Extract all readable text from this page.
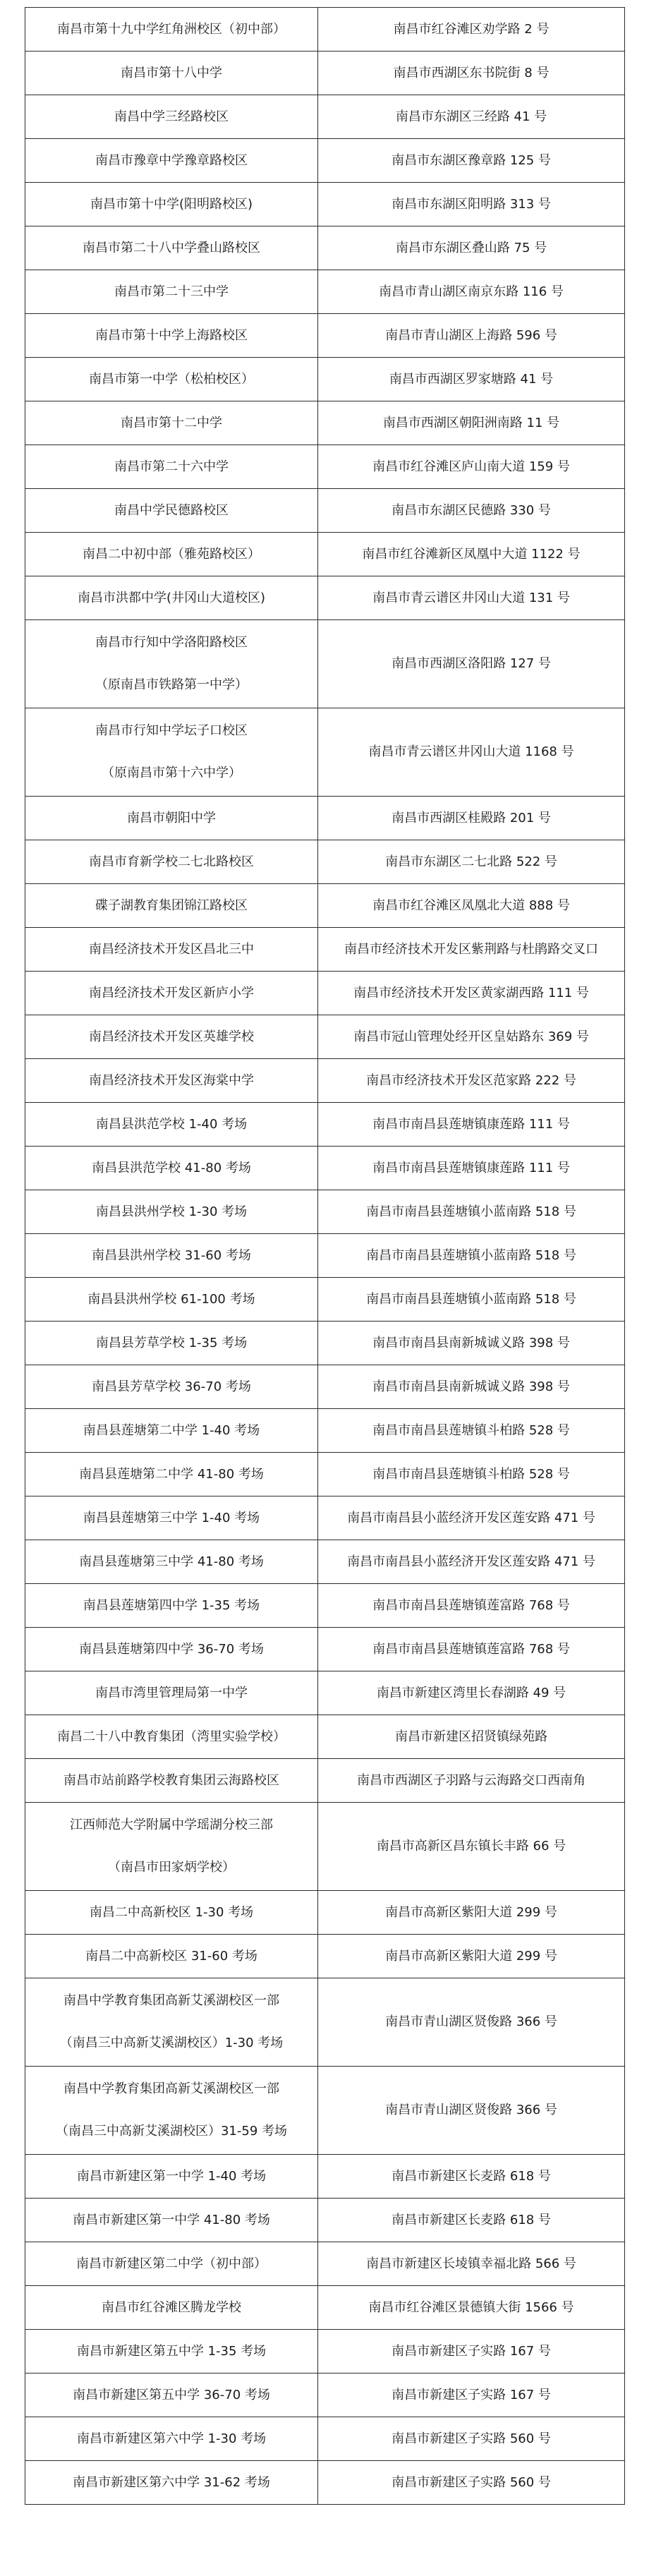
南昌市第十九中学红角洲校区（初中部）	南昌市红谷滩区劝学路 2 号

南昌市第十八中学	南昌市西湖区东书院街 8 号

南昌中学三经路校区	南昌市东湖区三经路 41 号

南昌市豫章中学豫章路校区	南昌市东湖区豫章路 125 号

南昌市第十中学(阳明路校区)	南昌市东湖区阳明路 313 号

南昌市第二十八中学叠山路校区	南昌市东湖区叠山路 75 号

南昌市第二十三中学	南昌市青山湖区南京东路 116 号

南昌市第十中学上海路校区	南昌市青山湖区上海路 596 号

南昌市第一中学（松柏校区）	南昌市西湖区罗家塘路 41 号

南昌市第十二中学	南昌市西湖区朝阳洲南路 11 号

南昌市第二十六中学	南昌市红谷滩区庐山南大道 159 号

南昌中学民德路校区	南昌市东湖区民德路 330 号

南昌二中初中部（雅苑路校区）	南昌市红谷滩新区凤凰中大道 1122 号

南昌市洪都中学(井冈山大道校区)	南昌市青云谱区井冈山大道 131 号

南昌市行知中学洛阳路校区
（原南昌市铁路第一中学）	南昌市西湖区洛阳路 127 号

南昌市行知中学坛子口校区
（原南昌市第十六中学）	南昌市青云谱区井冈山大道 1168 号

南昌市朝阳中学	南昌市西湖区桂殿路 201 号

南昌市育新学校二七北路校区	南昌市东湖区二七北路 522 号

碟子湖教育集团锦江路校区	南昌市红谷滩区凤凰北大道 888 号

南昌经济技术开发区昌北三中	南昌市经济技术开发区紫荆路与杜鹃路交叉口

南昌经济技术开发区新庐小学	南昌市经济技术开发区黄家湖西路 111 号

南昌经济技术开发区英雄学校	南昌市冠山管理处经开区皇姑路东 369 号

南昌经济技术开发区海棠中学	南昌市经济技术开发区范家路 222 号

南昌县洪范学校 1-40 考场	南昌市南昌县莲塘镇康莲路 111 号

南昌县洪范学校 41-80 考场	南昌市南昌县莲塘镇康莲路 111 号

南昌县洪州学校 1-30 考场	南昌市南昌县莲塘镇小蓝南路 518 号

南昌县洪州学校 31-60 考场	南昌市南昌县莲塘镇小蓝南路 518 号

南昌县洪州学校 61-100 考场	南昌市南昌县莲塘镇小蓝南路 518 号

南昌县芳草学校 1-35 考场	南昌市南昌县南新城诚义路 398 号

南昌县芳草学校 36-70 考场	南昌市南昌县南新城诚义路 398 号

南昌县莲塘第二中学 1-40 考场	南昌市南昌县莲塘镇斗柏路 528 号

南昌县莲塘第二中学 41-80 考场	南昌市南昌县莲塘镇斗柏路 528 号

南昌县莲塘第三中学 1-40 考场	南昌市南昌县小蓝经济开发区莲安路 471 号

南昌县莲塘第三中学 41-80 考场	南昌市南昌县小蓝经济开发区莲安路 471 号

南昌县莲塘第四中学 1-35 考场	南昌市南昌县莲塘镇莲富路 768 号

南昌县莲塘第四中学 36-70 考场	南昌市南昌县莲塘镇莲富路 768 号

南昌市湾里管理局第一中学	南昌市新建区湾里长春湖路 49 号

南昌二十八中教育集团（湾里实验学校）	南昌市新建区招贤镇绿苑路

南昌市站前路学校教育集团云海路校区	南昌市西湖区子羽路与云海路交口西南角

江西师范大学附属中学瑶湖分校三部
（南昌市田家炳学校）	南昌市高新区昌东镇长丰路 66 号

南昌二中高新校区 1-30 考场	南昌市高新区紫阳大道 299 号

南昌二中高新校区 31-60 考场	南昌市高新区紫阳大道 299 号

南昌中学教育集团高新艾溪湖校区一部
（南昌三中高新艾溪湖校区）1-30 考场	南昌市青山湖区贤俊路 366 号

南昌中学教育集团高新艾溪湖校区一部
（南昌三中高新艾溪湖校区）31-59 考场	南昌市青山湖区贤俊路 366 号

南昌市新建区第一中学 1-40 考场	南昌市新建区长麦路 618 号

南昌市新建区第一中学 41-80 考场	南昌市新建区长麦路 618 号

南昌市新建区第二中学（初中部）	南昌市新建区长堎镇幸福北路 566 号

南昌市红谷滩区腾龙学校	南昌市红谷滩区景德镇大街 1566 号

南昌市新建区第五中学 1-35 考场	南昌市新建区子实路 167 号

南昌市新建区第五中学 36-70 考场	南昌市新建区子实路 167 号

南昌市新建区第六中学 1-30 考场	南昌市新建区子实路 560 号

南昌市新建区第六中学 31-62 考场	南昌市新建区子实路 560 号
